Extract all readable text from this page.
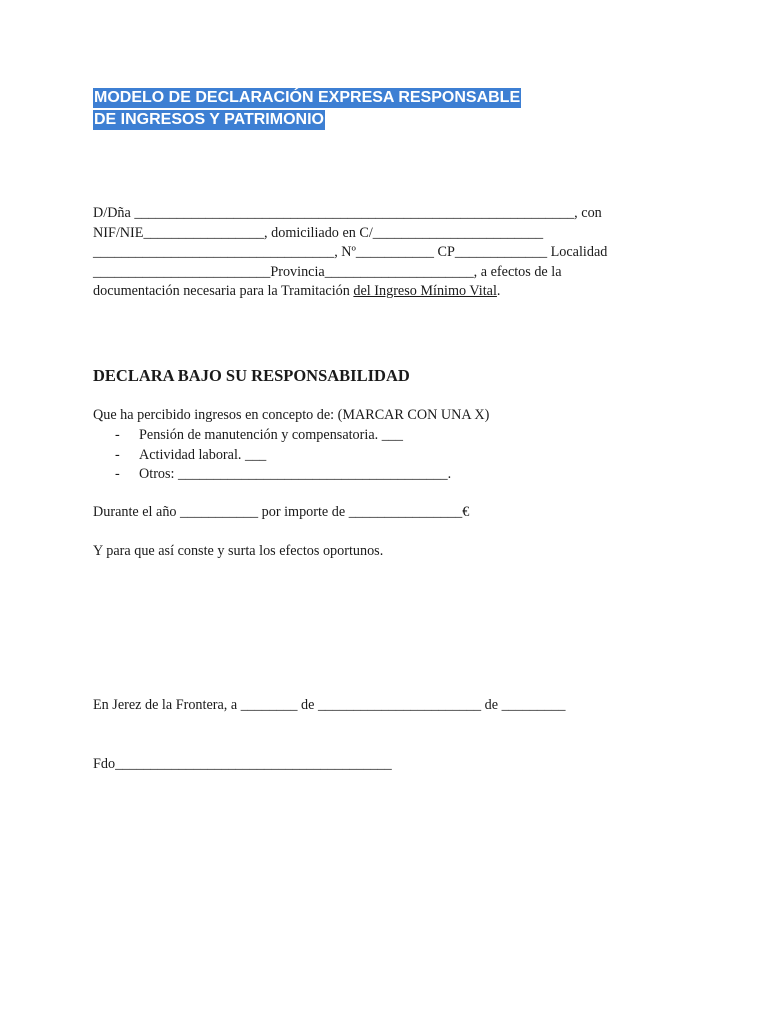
MODELO DE DECLARACIÓN EXPRESA RESPONSABLE
DE INGRESOS Y PATRIMONIO
D/Dña ______________________________________________________________, con
NIF/NIE_________________, domiciliado en C/________________________
__________________________________, Nº___________ CP_____________ Localidad
_________________________Provincia_____________________, a efectos de la
documentación necesaria para la Tramitación del Ingreso Mínimo Vital.
DECLARA BAJO SU RESPONSABILIDAD
Que ha percibido ingresos en concepto de: (MARCAR CON UNA X)
- Pensión de manutención y compensatoria. ___
- Actividad laboral. ___
- Otros: ______________________________________.
Durante el año ___________ por importe de ________________€
Y para que así conste y surta los efectos oportunos.
En Jerez de la Frontera, a ________ de _______________________ de _________
Fdo_______________________________________
